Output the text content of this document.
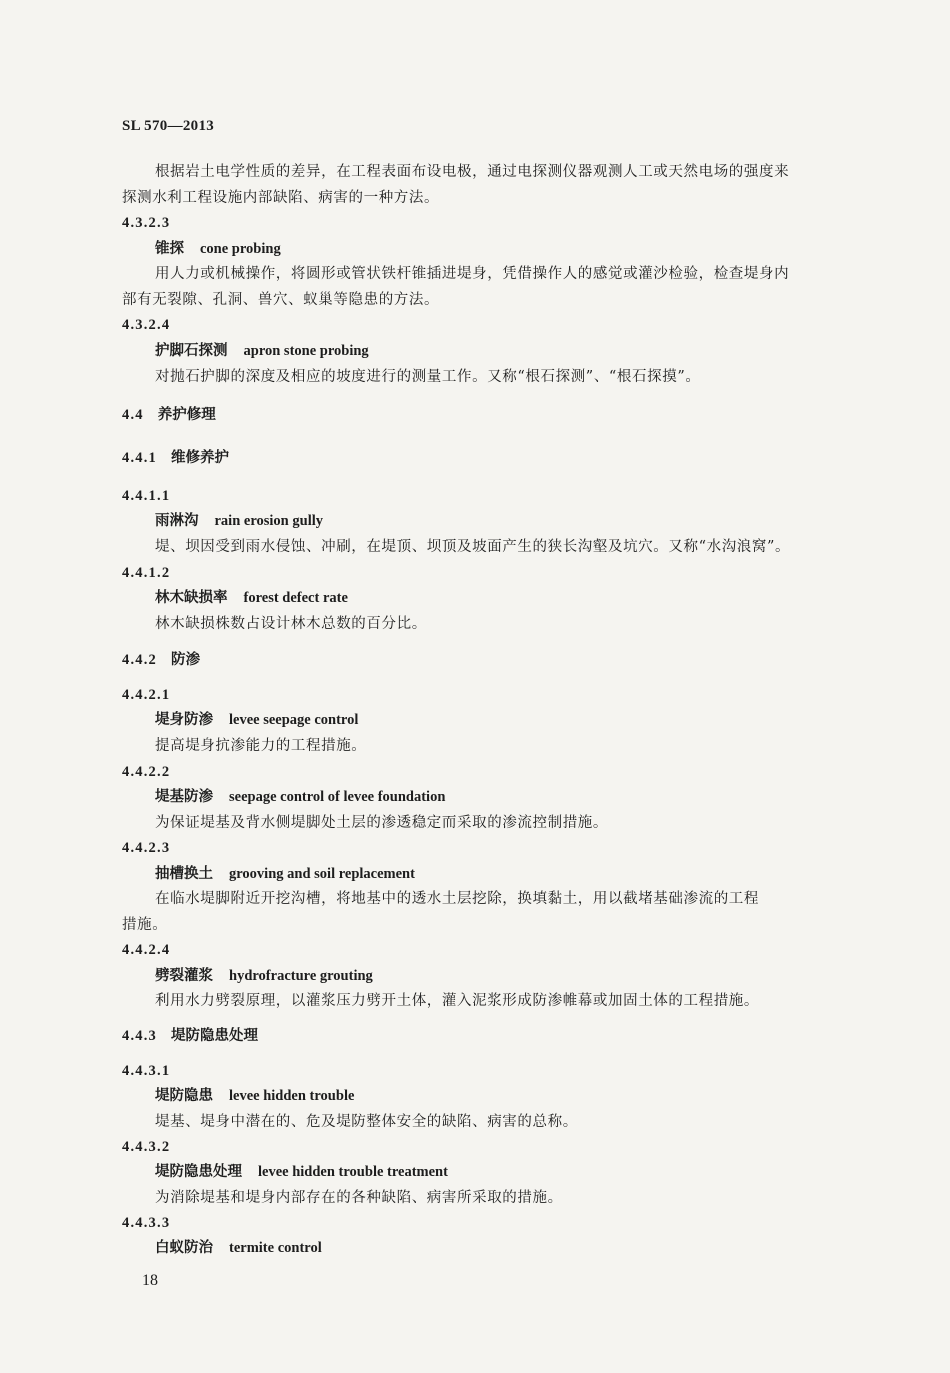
SL 570—2013
根据岩土电学性质的差异，在工程表面布设电极，通过电探测仪器观测人工或天然电场的强度来
探测水利工程设施内部缺陷、病害的一种方法。
4.3.2.3
锥探 cone probing
用人力或机械操作，将圆形或管状铁杆锥插进堤身，凭借操作人的感觉或灌沙检验，检查堤身内
部有无裂隙、孔洞、兽穴、蚁巢等隐患的方法。
4.3.2.4
护脚石探测 apron stone probing
对抛石护脚的深度及相应的坡度进行的测量工作。又称“根石探测”、“根石探摸”。
4.4 养护修理
4.4.1 维修养护
4.4.1.1
雨淋沟 rain erosion gully
堤、坝因受到雨水侵蚀、冲刷，在堤顶、坝顶及坡面产生的狭长沟壑及坑穴。又称“水沟浪窝”。
4.4.1.2
林木缺损率 forest defect rate
林木缺损株数占设计林木总数的百分比。
4.4.2 防渗
4.4.2.1
堤身防渗 levee seepage control
提高堤身抗渗能力的工程措施。
4.4.2.2
堤基防渗 seepage control of levee foundation
为保证堤基及背水侧堤脚处土层的渗透稳定而采取的渗流控制措施。
4.4.2.3
抽槽换土 grooving and soil replacement
在临水堤脚附近开挖沟槽，将地基中的透水土层挖除，换填黏土，用以截堵基础渗流的工程
措施。
4.4.2.4
劈裂灌浆 hydrofracture grouting
利用水力劈裂原理，以灌浆压力劈开土体，灌入泥浆形成防渗帷幕或加固土体的工程措施。
4.4.3 堤防隐患处理
4.4.3.1
堤防隐患 levee hidden trouble
堤基、堤身中潜在的、危及堤防整体安全的缺陷、病害的总称。
4.4.3.2
堤防隐患处理 levee hidden trouble treatment
为消除堤基和堤身内部存在的各种缺陷、病害所采取的措施。
4.4.3.3
白蚁防治 termite control
18
